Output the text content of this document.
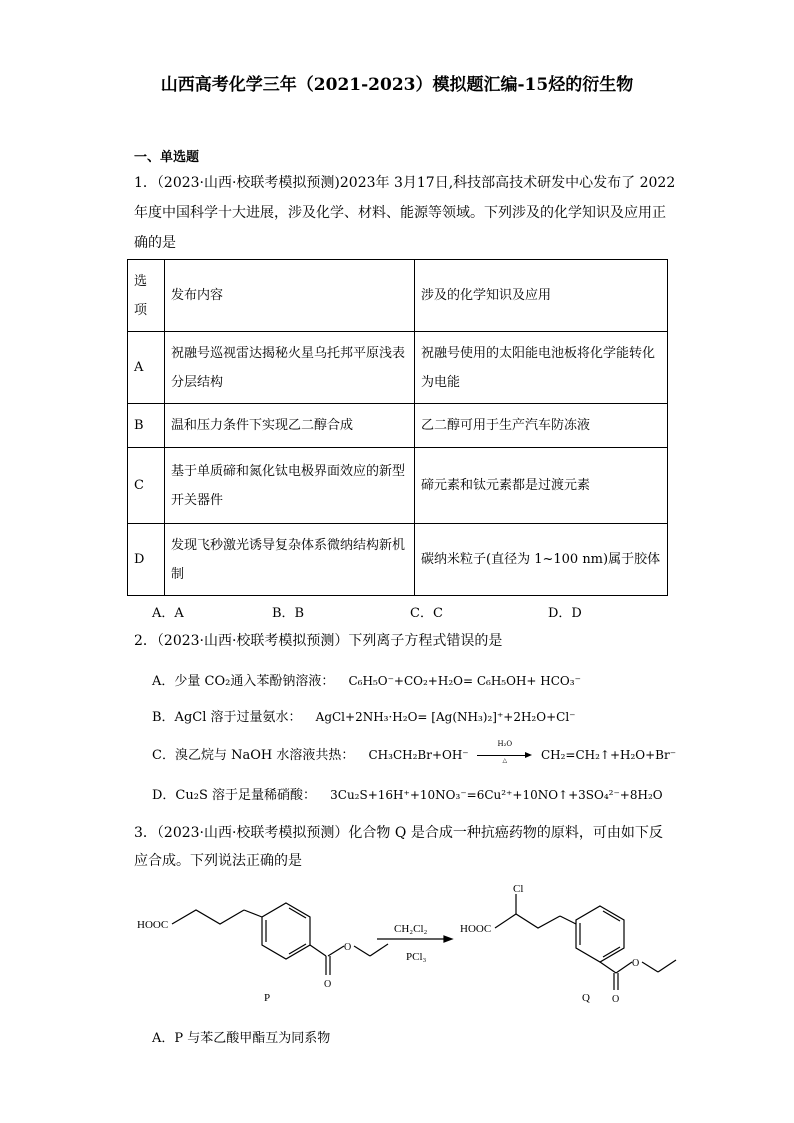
山西高考化学三年（2021-2023）模拟题汇编-15烃的衍生物
一、单选题
1．（2023·山西·校联考模拟预测)2023年 3月17日,科技部高技术研发中心发布了 2022
年度中国科学十大进展，涉及化学、材料、能源等领域。下列涉及的化学知识及应用正
确的是
选项	发布内容	涉及的化学知识及应用
A	祝融号巡视雷达揭秘火星乌托邦平原浅表分层结构	祝融号使用的太阳能电池板将化学能转化为电能
B	温和压力条件下实现乙二醇合成	乙二醇可用于生产汽车防冻液
C	基于单质碲和氮化钛电极界面效应的新型开关器件	碲元素和钛元素都是过渡元素
D	发现飞秒激光诱导复杂体系微纳结构新机制	碳纳米粒子(直径为 1~100 nm)属于胶体
A．A	B．B	C．C	D．D
2．（2023·山西·校联考模拟预测）下列离子方程式错误的是
A．少量 CO₂通入苯酚钠溶液： C₆H₅O⁻+CO₂+H₂O= C₆H₅OH+ HCO₃⁻
B．AgCl 溶于过量氨水： AgCl+2NH₃·H₂O= [Ag(NH₃)₂]⁺+2H₂O+Cl⁻
C．溴乙烷与 NaOH 水溶液共热： CH₃CH₂Br+OH⁻
H₂O
△	CH₂=CH₂↑+H₂O+Br⁻
D．Cu₂S 溶于足量稀硝酸： 3Cu₂S+16H⁺+10NO₃⁻=6Cu²⁺+10NO↑+3SO₄²⁻+8H₂O
3．（2023·山西·校联考模拟预测）化合物 Q 是合成一种抗癌药物的原料，可由如下反
应合成。下列说法正确的是
HOOC
O
O
P
CH₂Cl₂
PCl₃
Cl
HOOC
O
O
Q
A．P 与苯乙酸甲酯互为同系物
